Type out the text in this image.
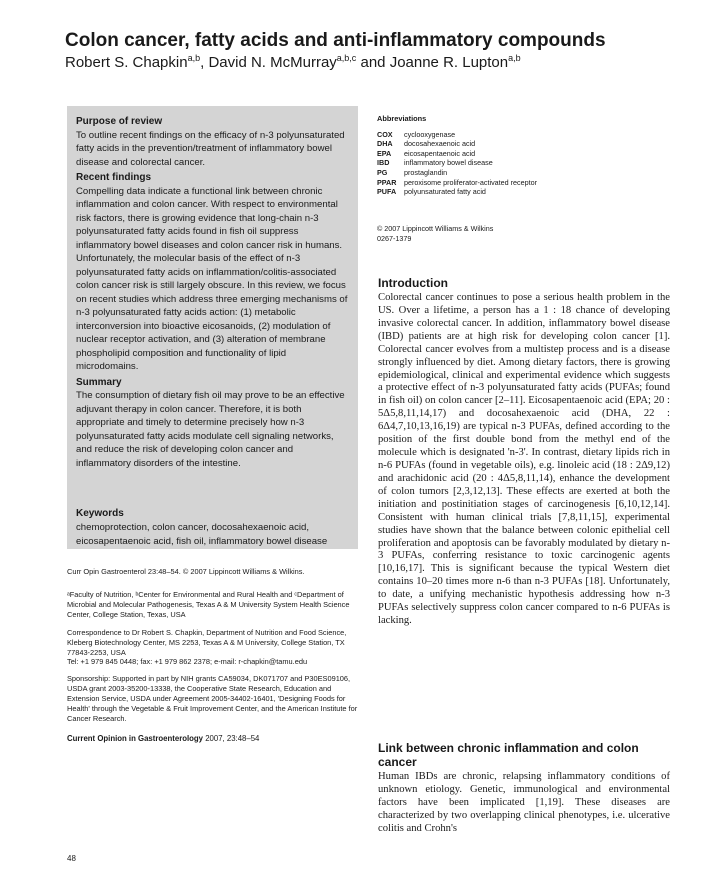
Colon cancer, fatty acids and anti-inflammatory compounds
Robert S. Chapkin$^{a,b}$, David N. McMurray$^{a,b,c}$ and Joanne R. Lupton$^{a,b}$
Purpose of review

To outline recent findings on the efficacy of n-3 polyunsaturated fatty acids in the prevention/treatment of inflammatory bowel disease and colorectal cancer.

Recent findings

Compelling data indicate a functional link between chronic inflammation and colon cancer. With respect to environmental risk factors, there is growing evidence that long-chain n-3 polyunsaturated fatty acids found in fish oil suppress inflammatory bowel diseases and colon cancer risk in humans. Unfortunately, the molecular basis of the effect of n-3 polyunsaturated fatty acids on inflammation/colitis-associated colon cancer risk is still largely obscure. In this review, we focus on recent studies which address three emerging mechanisms of n-3 polyunsaturated fatty acids action: (1) metabolic interconversion into bioactive eicosanoids, (2) modulation of nuclear receptor activation, and (3) alteration of membrane phospholipid composition and functionality of lipid microdomains.

Summary

The consumption of dietary fish oil may prove to be an effective adjuvant therapy in colon cancer. Therefore, it is both appropriate and timely to determine precisely how n-3 polyunsaturated fatty acids modulate cell signaling networks, and reduce the risk of developing colon cancer and inflammatory disorders of the intestine.

Keywords
chemoprotection, colon cancer, docosahexaenoic acid, eicosapentaenoic acid, fish oil, inflammatory bowel disease
Curr Opin Gastroenterol 23:48–54. © 2007 Lippincott Williams & Wilkins.
ᵃFaculty of Nutrition, ᵇCenter for Environmental and Rural Health and ᶜDepartment of Microbial and Molecular Pathogenesis, Texas A & M University System Health Science Center, College Station, Texas, USA
Correspondence to Dr Robert S. Chapkin, Department of Nutrition and Food Science, Kleberg Biotechnology Center, MS 2253, Texas A & M University, College Station, TX 77843-2253, USA
Tel: +1 979 845 0448; fax: +1 979 862 2378; e-mail: r-chapkin@tamu.edu
Sponsorship: Supported in part by NIH grants CA59034, DK071707 and P30ES09106, USDA grant 2003-35200-13338, the Cooperative State Research, Education and Extension Service, USDA under Agreement 2005-34402-16401, 'Designing Foods for Health' through the Vegetable & Fruit Improvement Center, and the American Institute for Cancer Research.
Current Opinion in Gastroenterology 2007, 23:48–54
Abbreviations
COX	cyclooxygenase
DHA	docosahexaenoic acid
EPA	eicosapentaenoic acid
IBD	inflammatory bowel disease
PG	prostaglandin
PPAR	peroxisome proliferator-activated receptor
PUFA	polyunsaturated fatty acid
© 2007 Lippincott Williams & Wilkins
0267-1379
Introduction

Colorectal cancer continues to pose a serious health problem in the US. Over a lifetime, a person has a 1 : 18 chance of developing invasive colorectal cancer. In addition, inflammatory bowel disease (IBD) patients are at high risk for developing colon cancer [1]. Colorectal cancer evolves from a multistep process and is a disease strongly influenced by diet. Among dietary factors, there is growing epidemiological, clinical and experimental evidence which suggests a protective effect of n-3 polyunsaturated fatty acids (PUFAs; found in fish oil) on colon cancer [2–11]. Eicosapentaenoic acid (EPA; 20 : 5Δ5,8,11,14,17) and docosahexaenoic acid (DHA, 22 : 6Δ4,7,10,13,16,19) are typical n-3 PUFAs, defined according to the position of the first double bond from the methyl end of the molecule which is designated 'n-3'. In contrast, dietary lipids rich in n-6 PUFAs (found in vegetable oils), e.g. linoleic acid (18 : 2Δ9,12) and arachidonic acid (20 : 4Δ5,8,11,14), enhance the development of colon tumors [2,3,12,13]. These effects are exerted at both the initiation and postinitiation stages of carcinogenesis [6,10,12,14]. Consistent with human clinical trials [7,8,11,15], experimental studies have shown that the balance between colonic epithelial cell proliferation and apoptosis can be favorably modulated by dietary n-3 PUFAs, conferring resistance to toxic carcinogenic agents [10,16,17]. This is significant because the typical Western diet contains 10–20 times more n-6 than n-3 PUFAs [18]. Unfortunately, to date, a unifying mechanistic hypothesis addressing how n-3 PUFAs selectively suppress colon cancer compared to n-6 PUFAs is lacking.

Link between chronic inflammation and colon cancer

Human IBDs are chronic, relapsing inflammatory conditions of unknown etiology. Genetic, immunological and environmental factors have been implicated [1,19]. These diseases are characterized by two overlapping clinical phenotypes, i.e. ulcerative colitis and Crohn's

48
